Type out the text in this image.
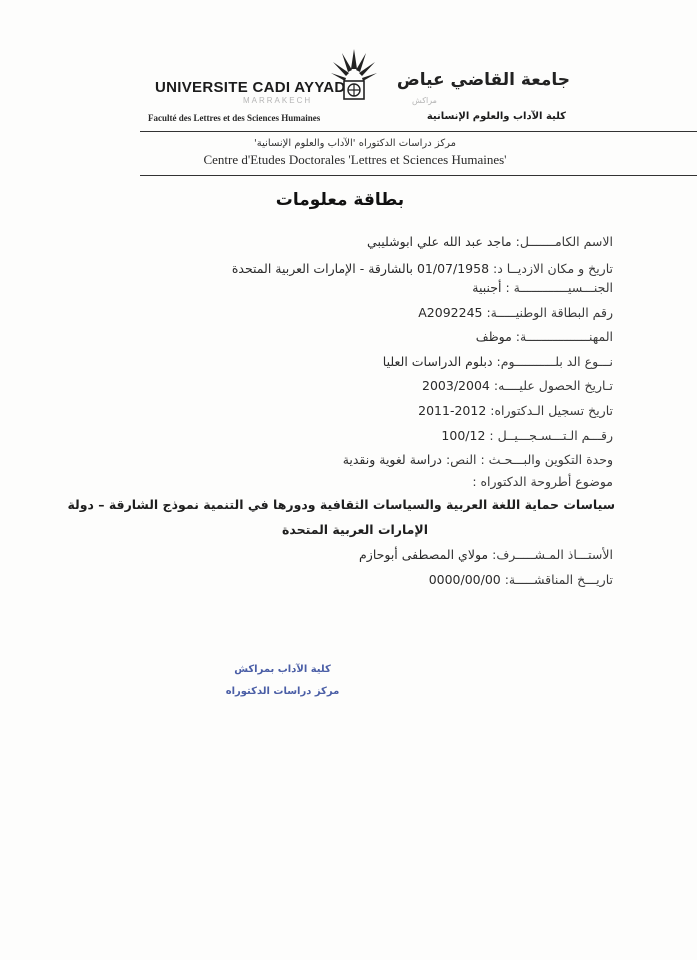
UNIVERSITE CADI AYYAD
MARRAKECH
Faculté des Lettres et des Sciences Humaines
جامعة القاضي عياض
مراكش
كلية الآداب والعلوم الإنسانية
مركز دراسات الدكتوراه 'الآداب والعلوم الإنسانية'
Centre d'Etudes Doctorales 'Lettres et Sciences Humaines'
بطاقة معلومات
الاسم الكامـــــــل: ماجد عبد الله علي ابوشليبي
تاريخ و مكان الازديــا د: 01/07/1958 بالشارقة - الإمارات العربية المتحدة
الجنـــسيـــــــــــــة : أجنبية
رقم البطاقة الوطنيـــــة: A2092245
المهنـــــــــــــــــة: موظف
نـــوع الد بلـــــــــــوم: دبلوم الدراسات العليا
تـاريخ الحصول عليــــه: 2003/2004
تاريخ تسجيل الـدكتوراه: 2012-2011
رقـــم الـتـــسـجـــيــل : 100/12
وحدة التكوين والبـــحـث : النص: دراسة لغوية ونقدية
موضوع أطروحة الدكتوراه :
سياسات حماية اللغة العربية والسياسات الثقافية ودورها في التنمية نموذج الشارقة – دولة
الإمارات العربية المتحدة
الأستـــاذ المـشـــــرف: مولاي المصطفى أبوحازم
تاريـــخ المناقشـــــة: 0000/00/00
كلية الآداب بمراكش
مركز دراسات الدكتوراه
